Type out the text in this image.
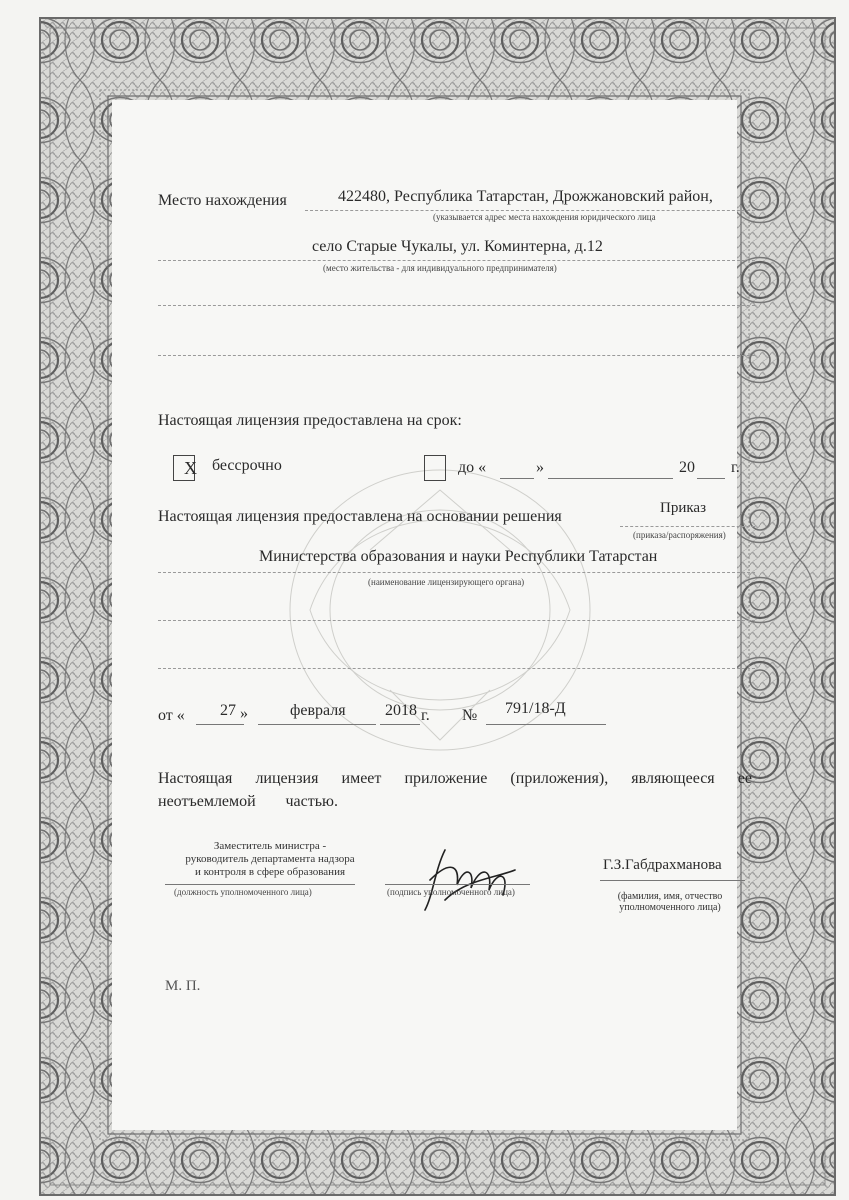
Место нахождения	422480, Республика Татарстан, Дрожжановский район,
(указывается адрес места нахождения юридического лица
село Старые Чукалы, ул. Коминтерна, д.12
(место жительства - для индивидуального предпринимателя)
Настоящая лицензия предоставлена на срок:
X бессрочно	до «	»	20 г.
Настоящая лицензия предоставлена на основании решения	Приказ
(приказа/распоряжения)
Министерства образования и науки Республики Татарстан
(наименование лицензирующего органа)
от « 27 »	февраля 2018 г. № 791/18-Д
Настоящая лицензия имеет приложение (приложения), являющееся ее
неотъемлемой частью.
Заместитель министра -
руководитель департамента надзора
и контроля в сфере образования
(должность уполномоченного лица)	(подпись уполномоченного лица)
Г.З.Габдрахманова
(фамилия, имя, отчество
уполномоченного лица)
М. П.
